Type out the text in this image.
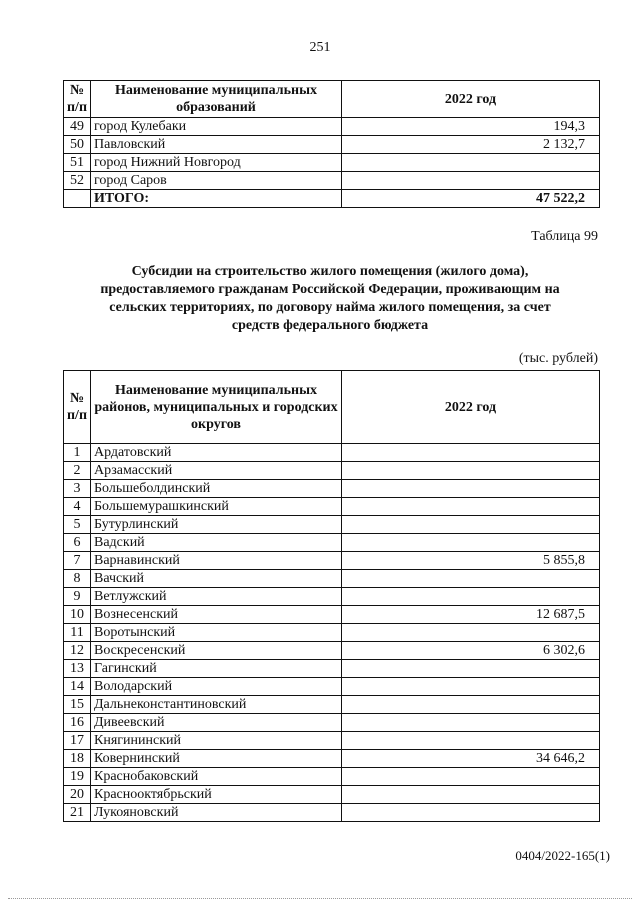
251
№ п/п	Наименование муниципальных образований	2022 год
49	город Кулебаки	194,3
50	Павловский	2 132,7
51	город Нижний Новгород	
52	город Саров	
	ИТОГО:	47 522,2
Таблица 99
Субсидии на строительство жилого помещения (жилого дома), предоставляемого гражданам Российской Федерации, проживающим на сельских территориях, по договору найма жилого помещения, за счет средств федерального бюджета
(тыс. рублей)
№ п/п	Наименование муниципальных районов, муниципальных и городских округов	2022 год
1	Ардатовский	
2	Арзамасский	
3	Большеболдинский	
4	Большемурашкинский	
5	Бутурлинский	
6	Вадский	
7	Варнавинский	5 855,8
8	Вачский	
9	Ветлужский	
10	Вознесенский	12 687,5
11	Воротынский	
12	Воскресенский	6 302,6
13	Гагинский	
14	Володарский	
15	Дальнеконстантиновский	
16	Дивеевский	
17	Княгининский	
18	Ковернинский	34 646,2
19	Краснобаковский	
20	Краснооктябрьский	
21	Лукояновский	
0404/2022-165(1)
